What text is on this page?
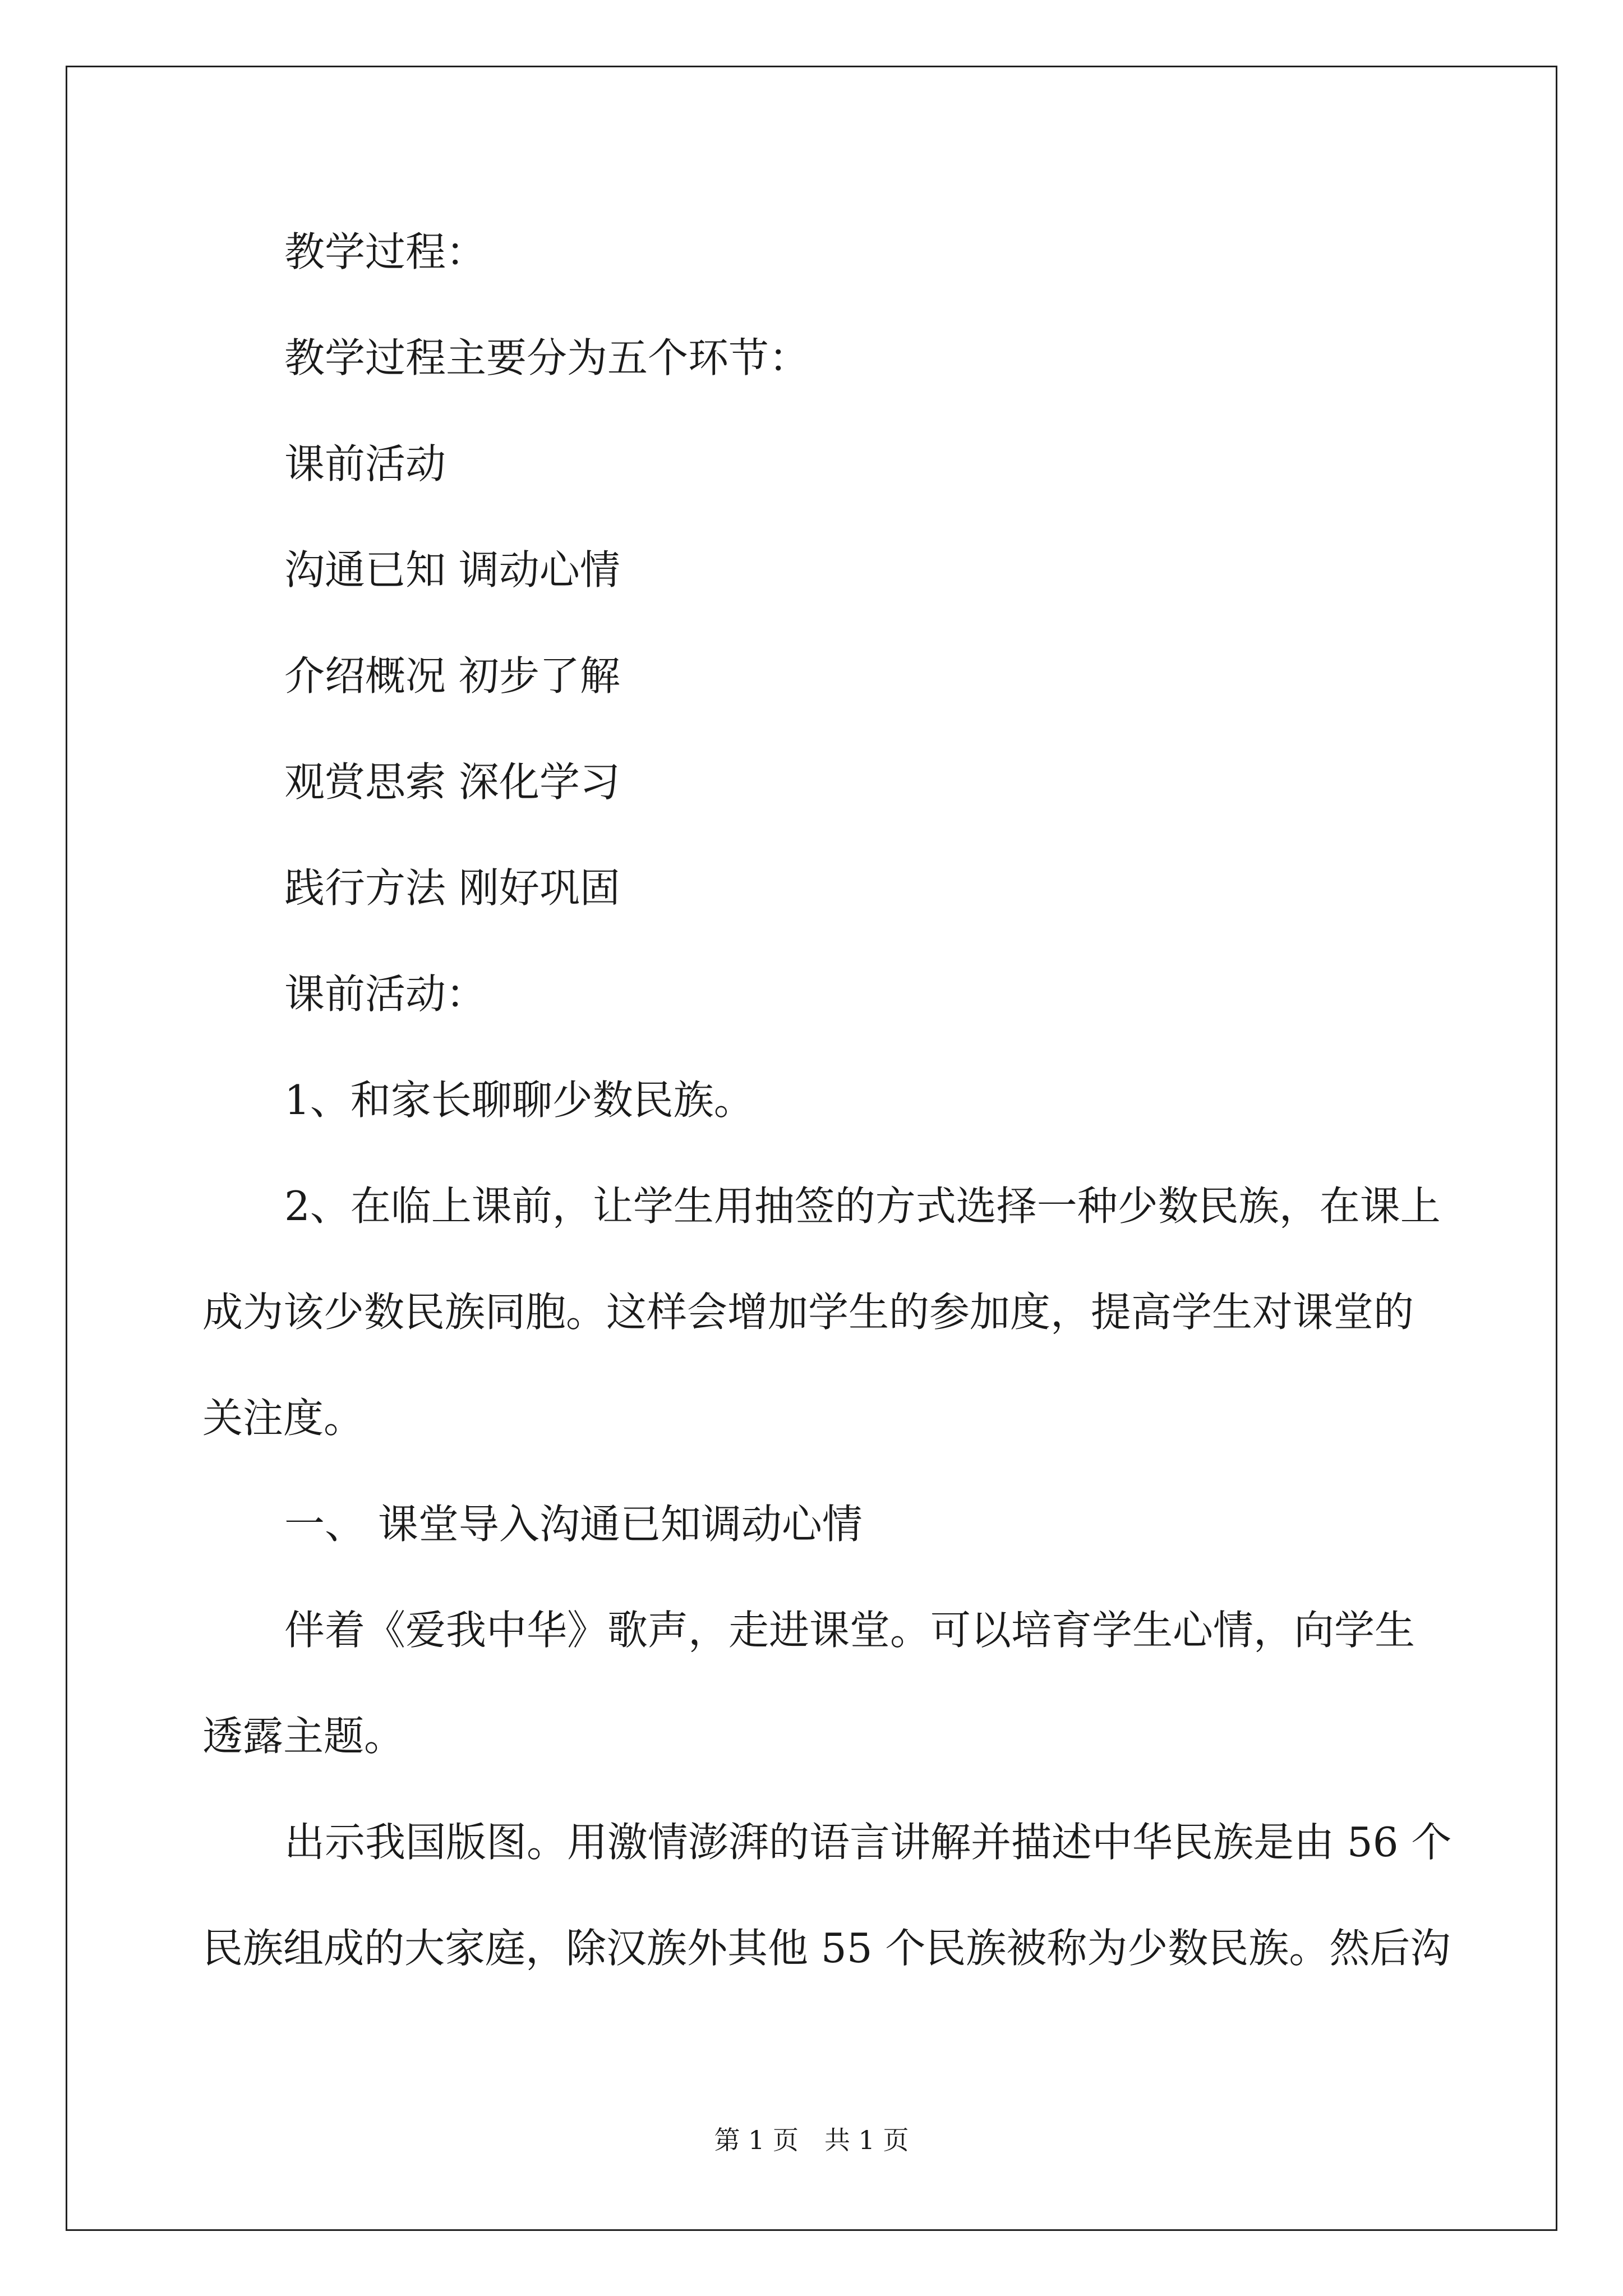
教学过程：
教学过程主要分为五个环节：
课前活动
沟通已知 调动心情
介绍概况 初步了解
观赏思索 深化学习
践行方法 刚好巩固
课前活动：
1、和家长聊聊少数民族。
2、在临上课前，让学生用抽签的方式选择一种少数民族，在课上
成为该少数民族同胞。这样会增加学生的参加度，提高学生对课堂的
关注度。
一、 课堂导入沟通已知调动心情
伴着《爱我中华》歌声，走进课堂。可以培育学生心情，向学生
透露主题。
出示我国版图。用激情澎湃的语言讲解并描述中华民族是由 56 个
民族组成的大家庭，除汉族外其他 55 个民族被称为少数民族。然后沟
第 1 页　共 1 页
